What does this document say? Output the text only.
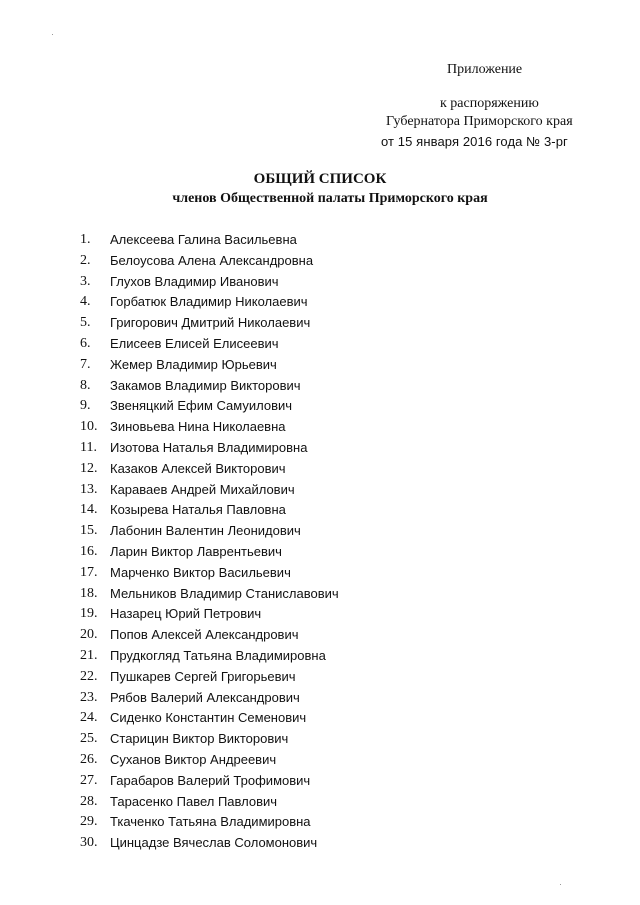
Приложение
к распоряжению
Губернатора Приморского края
от 15 января 2016 года № 3-рг
ОБЩИЙ СПИСОК
членов Общественной палаты Приморского края
1. Алексеева Галина Васильевна
2. Белоусова Алена Александровна
3. Глухов Владимир Иванович
4. Горбатюк Владимир Николаевич
5. Григорович Дмитрий Николаевич
6. Елисеев Елисей Елисеевич
7. Жемер Владимир Юрьевич
8. Закамов Владимир Викторович
9. Звеняцкий Ефим Самуилович
10. Зиновьева Нина Николаевна
11. Изотова Наталья Владимировна
12. Казаков Алексей Викторович
13. Караваев Андрей Михайлович
14. Козырева Наталья Павловна
15. Лабонин Валентин Леонидович
16. Ларин Виктор Лаврентьевич
17. Марченко Виктор Васильевич
18. Мельников Владимир Станиславович
19. Назарец Юрий Петрович
20. Попов Алексей Александрович
21. Прудкогляд Татьяна Владимировна
22. Пушкарев Сергей Григорьевич
23. Рябов Валерий Александрович
24. Сиденко Константин Семенович
25. Старицин Виктор Викторович
26. Суханов Виктор Андреевич
27. Гарабаров Валерий Трофимович
28. Тарасенко Павел Павлович
29. Ткаченко Татьяна Владимировна
30. Цинцадзе Вячеслав Соломонович
